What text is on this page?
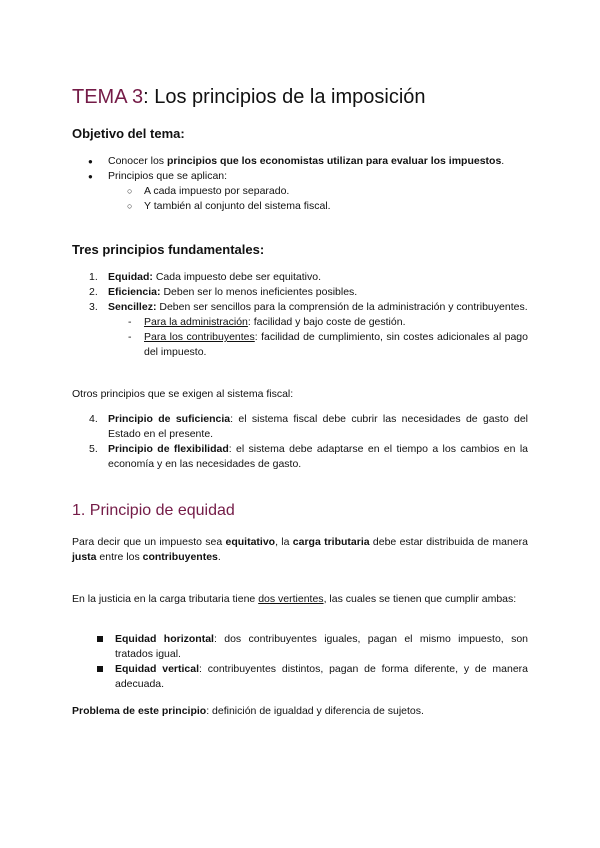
TEMA 3: Los principios de la imposición
Objetivo del tema:
● Conocer los principios que los economistas utilizan para evaluar los impuestos.
● Principios que se aplican:
○ A cada impuesto por separado.
○ Y también al conjunto del sistema fiscal.
Tres principios fundamentales:
1. Equidad: Cada impuesto debe ser equitativo.
2. Eficiencia: Deben ser lo menos ineficientes posibles.
3. Sencillez: Deben ser sencillos para la comprensión de la administración y contribuyentes.
- Para la administración: facilidad y bajo coste de gestión.
- Para los contribuyentes: facilidad de cumplimiento, sin costes adicionales al pago del impuesto.
Otros principios que se exigen al sistema fiscal:
4. Principio de suficiencia: el sistema fiscal debe cubrir las necesidades de gasto del Estado en el presente.
5. Principio de flexibilidad: el sistema debe adaptarse en el tiempo a los cambios en la economía y en las necesidades de gasto.
1. Principio de equidad
Para decir que un impuesto sea equitativo, la carga tributaria debe estar distribuida de manera justa entre los contribuyentes.
En la justicia en la carga tributaria tiene dos vertientes, las cuales se tienen que cumplir ambas:
Equidad horizontal: dos contribuyentes iguales, pagan el mismo impuesto, son tratados igual.
Equidad vertical: contribuyentes distintos, pagan de forma diferente, y de manera adecuada.
Problema de este principio: definición de igualdad y diferencia de sujetos.
